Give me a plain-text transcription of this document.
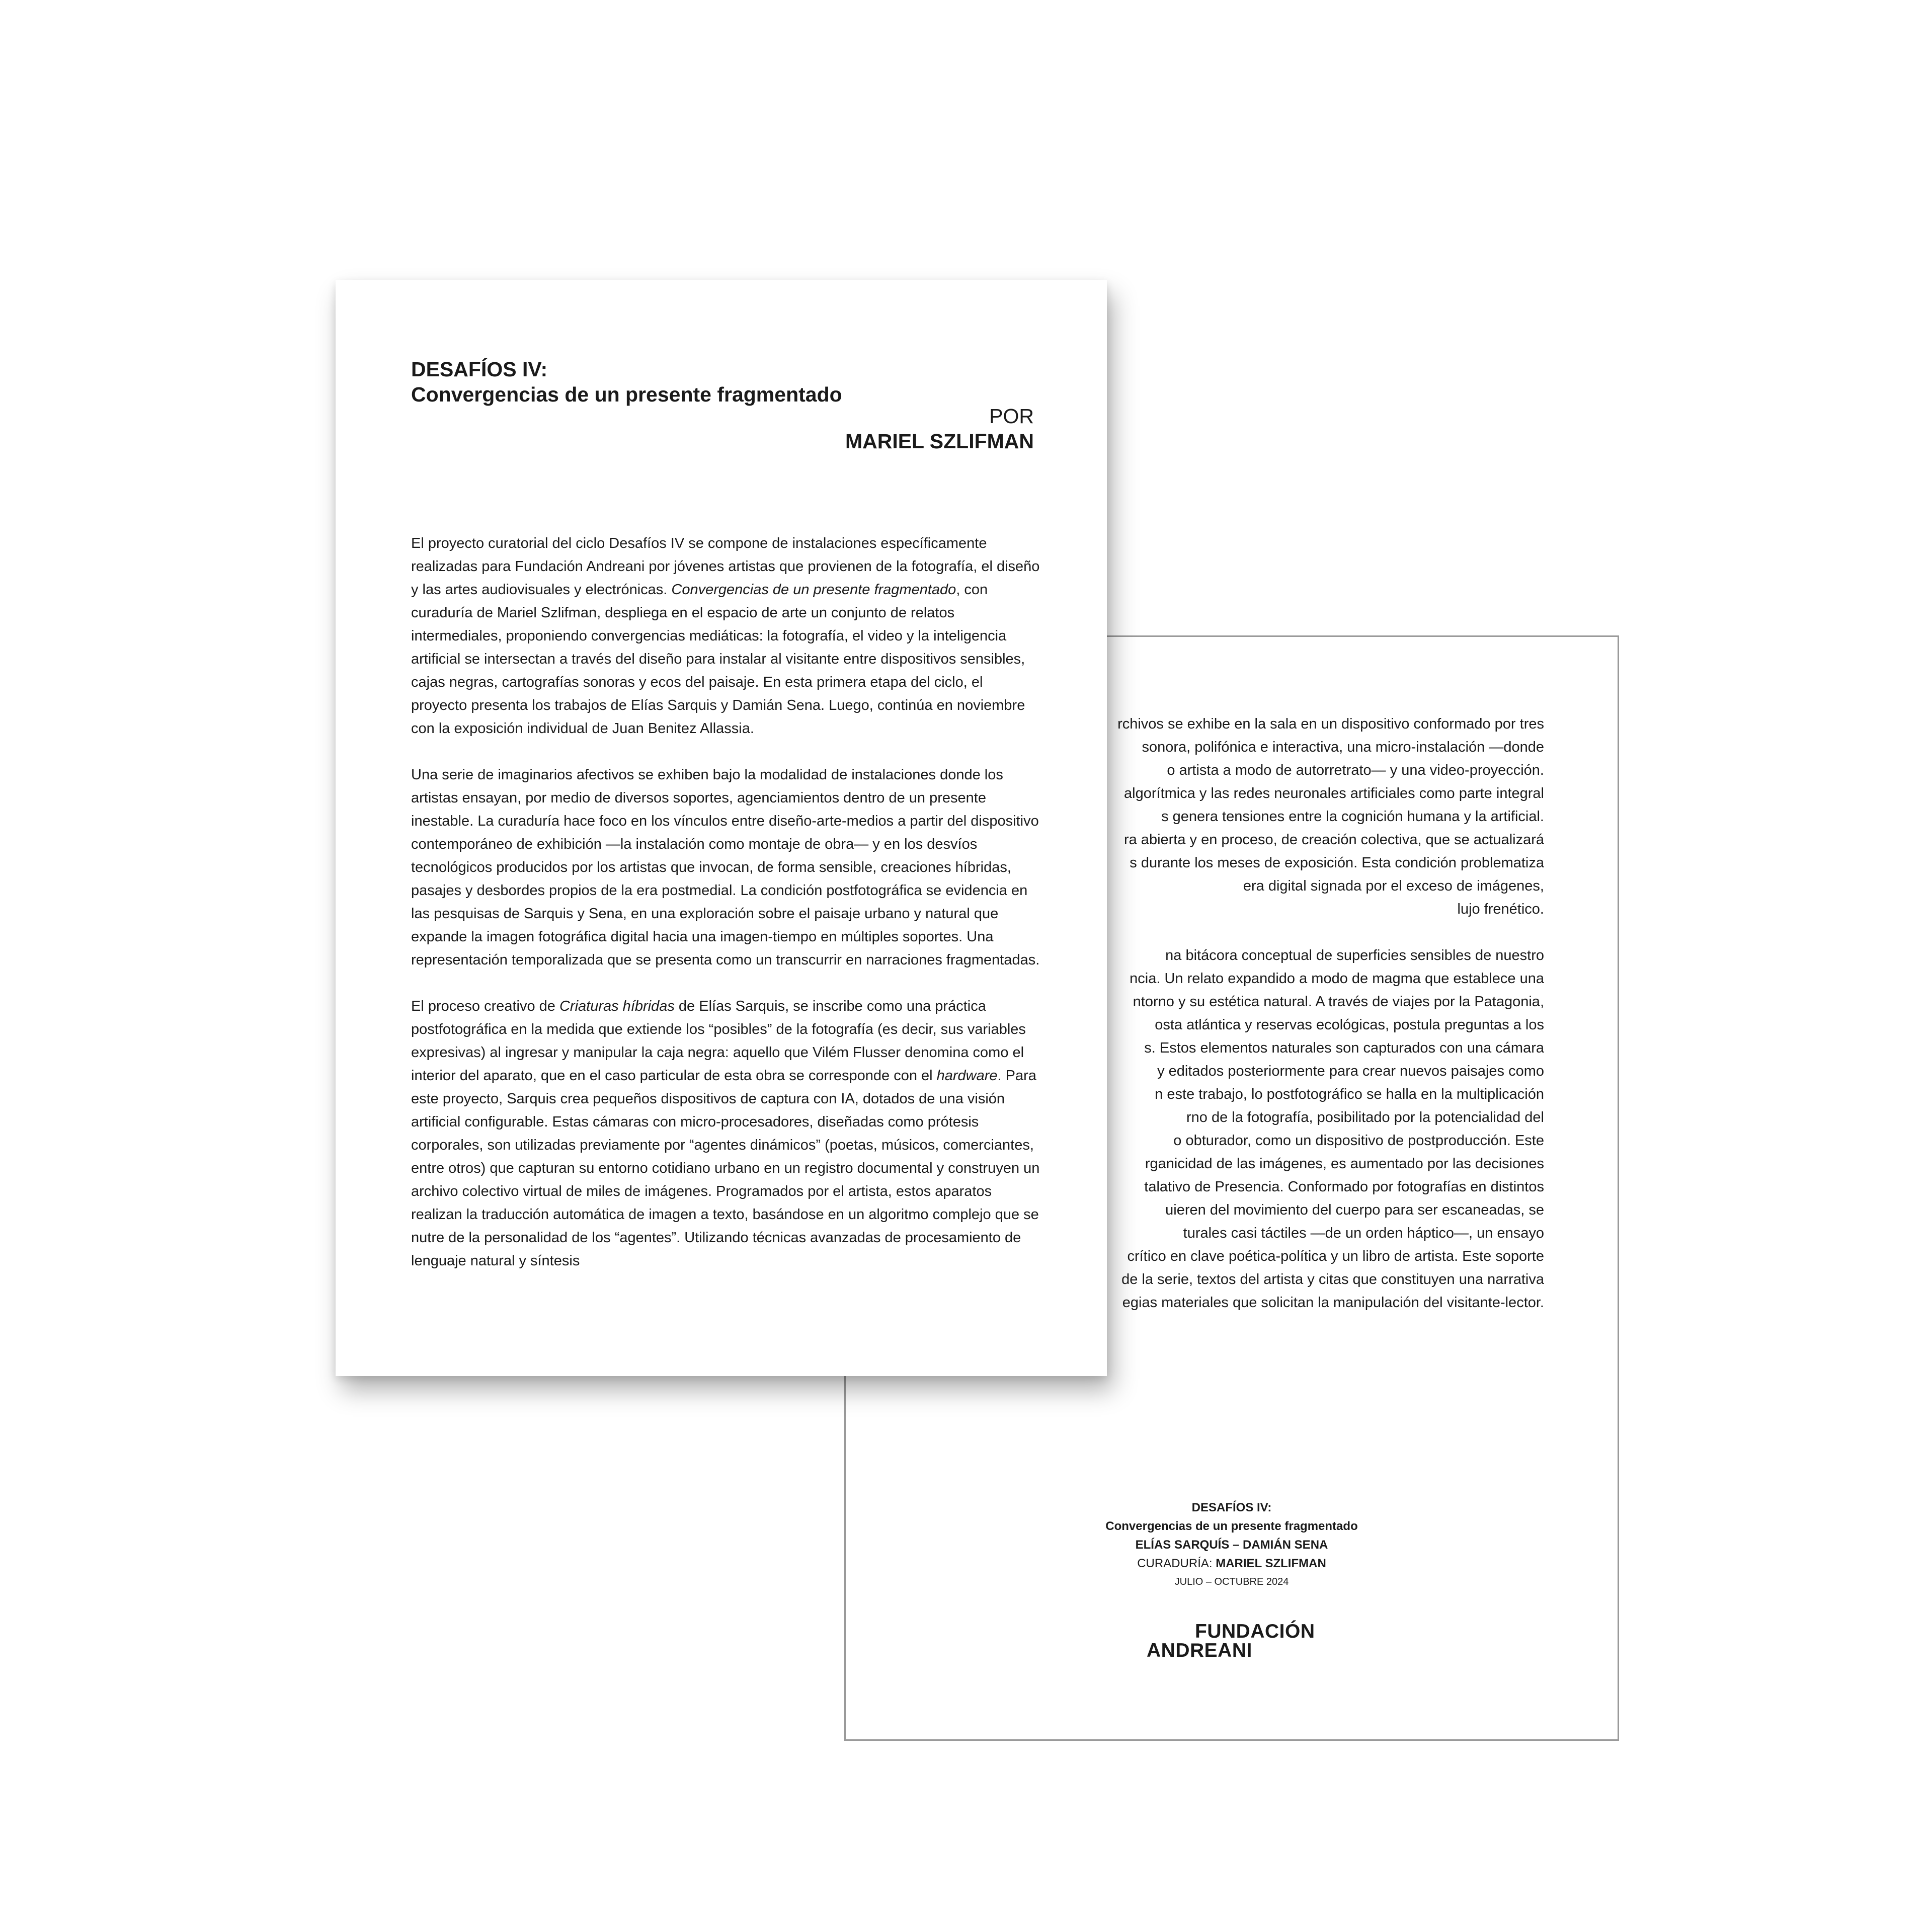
rchivos se exhibe en la sala en un dispositivo conformado por tres
sonora, polifónica e interactiva, una micro-instalación —donde
o artista a modo de autorretrato— y una video-proyección.
algorítmica y las redes neuronales artificiales como parte integral
s genera tensiones entre la cognición humana y la artificial.
ra abierta y en proceso, de creación colectiva, que se actualizará
s durante los meses de exposición. Esta condición problematiza
era digital signada por el exceso de imágenes,
lujo frenético.
na bitácora conceptual de superficies sensibles de nuestro
ncia. Un relato expandido a modo de magma que establece una
ntorno y su estética natural. A través de viajes por la Patagonia,
osta atlántica y reservas ecológicas, postula preguntas a los
s. Estos elementos naturales son capturados con una cámara
y editados posteriormente para crear nuevos paisajes como
n este trabajo, lo postfotográfico se halla en la multiplicación
rno de la fotografía, posibilitado por la potencialidad del
o obturador, como un dispositivo de postproducción. Este
rganicidad de las imágenes, es aumentado por las decisiones
talativo de Presencia. Conformado por fotografías en distintos
uieren del movimiento del cuerpo para ser escaneadas, se
turales casi táctiles —de un orden háptico—, un ensayo
crítico en clave poética-política y un libro de artista. Este soporte
de la serie, textos del artista y citas que constituyen una narrativa
egias materiales que solicitan la manipulación del visitante-lector.
DESAFÍOS IV:
Convergencias de un presente fragmentado
ELÍAS SARQUÍS – DAMIÁN SENA
CURADURÍA: MARIEL SZLIFMAN
JULIO – OCTUBRE 2024
FUNDACIÓN
ANDREANI
DESAFÍOS IV:
Convergencias de un presente fragmentado
POR
MARIEL SZLIFMAN

El proyecto curatorial del ciclo Desafíos IV se compone de instalaciones específicamente realizadas para Fundación Andreani por jóvenes artistas que provienen de la fotografía, el diseño y las artes audiovisuales y electrónicas. Convergencias de un presente fragmentado, con curaduría de Mariel Szlifman, despliega en el espacio de arte un conjunto de relatos intermediales, proponiendo convergencias mediáticas: la fotografía, el video y la inteligencia artificial se intersectan a través del diseño para instalar al visitante entre dispositivos sensibles, cajas negras, cartografías sonoras y ecos del paisaje. En esta primera etapa del ciclo, el proyecto presenta los trabajos de Elías Sarquis y Damián Sena. Luego, continúa en noviembre con la exposición individual de Juan Benitez Allassia.

Una serie de imaginarios afectivos se exhiben bajo la modalidad de instalaciones donde los artistas ensayan, por medio de diversos soportes, agenciamientos dentro de un presente inestable. La curaduría hace foco en los vínculos entre diseño-arte-medios a partir del dispositivo contemporáneo de exhibición —la instalación como montaje de obra— y en los desvíos tecnológicos producidos por los artistas que invocan, de forma sensible, creaciones híbridas, pasajes y desbordes propios de la era postmedial. La condición postfotográfica se evidencia en las pesquisas de Sarquis y Sena, en una exploración sobre el paisaje urbano y natural que expande la imagen fotográfica digital hacia una imagen-tiempo en múltiples soportes. Una representación temporalizada que se presenta como un transcurrir en narraciones fragmentadas.

El proceso creativo de Criaturas híbridas de Elías Sarquis, se inscribe como una práctica postfotográfica en la medida que extiende los “posibles” de la fotografía (es decir, sus variables expresivas) al ingresar y manipular la caja negra: aquello que Vilém Flusser denomina como el interior del aparato, que en el caso particular de esta obra se corresponde con el hardware. Para este proyecto, Sarquis crea pequeños dispositivos de captura con IA, dotados de una visión artificial configurable. Estas cámaras con micro-procesadores, diseñadas como prótesis corporales, son utilizadas previamente por “agentes dinámicos” (poetas, músicos, comerciantes, entre otros) que capturan su entorno cotidiano urbano en un registro documental y construyen un archivo colectivo virtual de miles de imágenes. Programados por el artista, estos aparatos realizan la traducción automática de imagen a texto, basándose en un algoritmo complejo que se nutre de la personalidad de los “agentes”. Utilizando técnicas avanzadas de procesamiento de lenguaje natural y síntesis
